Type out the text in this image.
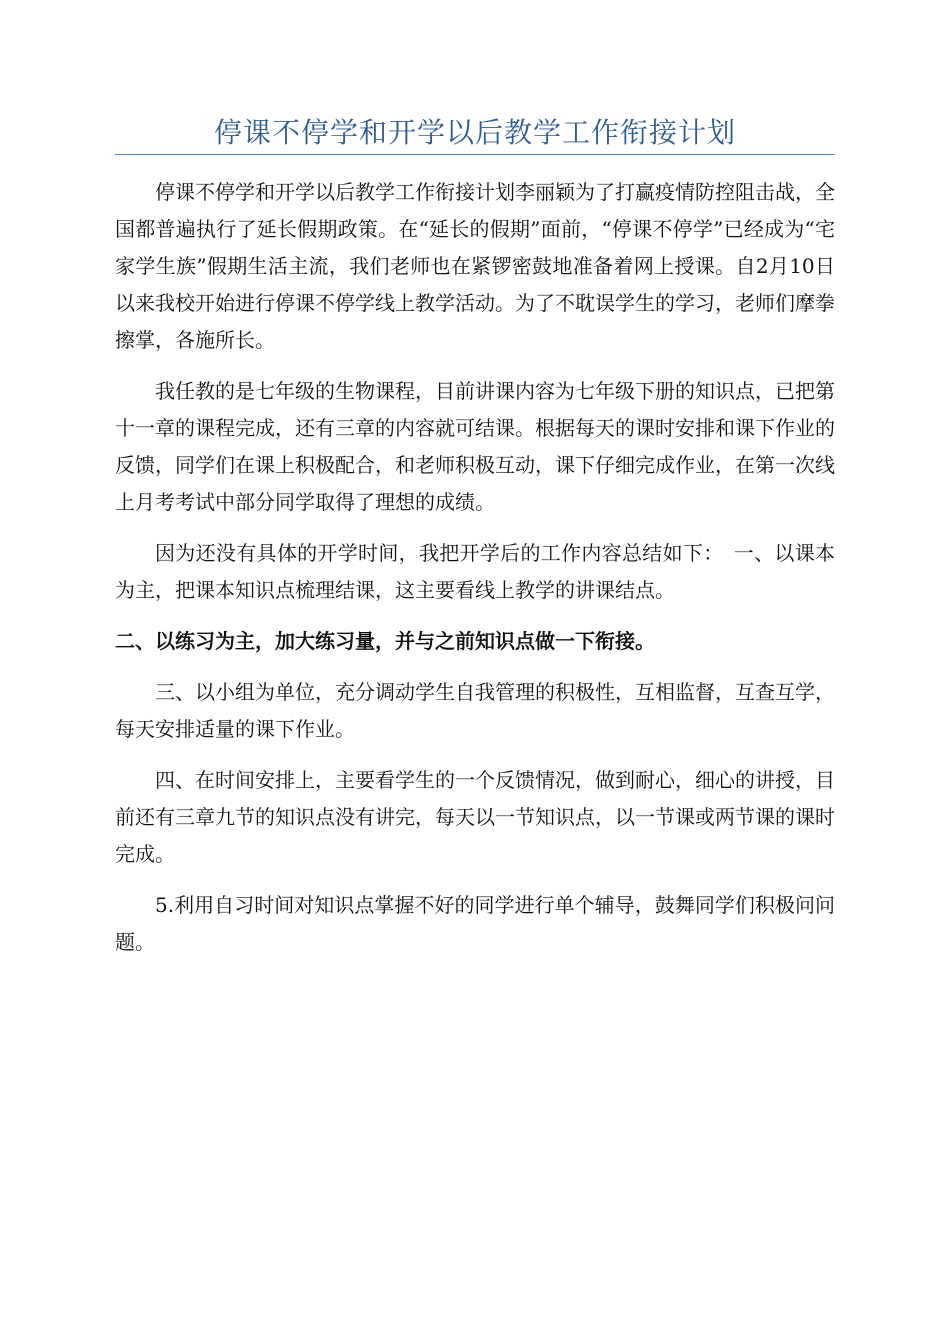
停课不停学和开学以后教学工作衔接计划

停课不停学和开学以后教学工作衔接计划李丽颖为了打赢疫情防控阻击战，全国都普遍执行了延长假期政策。在“延长的假期”面前，“停课不停学”已经成为“宅家学生族”假期生活主流，我们老师也在紧锣密鼓地准备着网上授课。自2月10日以来我校开始进行停课不停学线上教学活动。为了不耽误学生的学习，老师们摩拳擦掌，各施所长。

我任教的是七年级的生物课程，目前讲课内容为七年级下册的知识点，已把第十一章的课程完成，还有三章的内容就可结课。根据每天的课时安排和课下作业的反馈，同学们在课上积极配合，和老师积极互动，课下仔细完成作业，在第一次线上月考考试中部分同学取得了理想的成绩。

因为还没有具体的开学时间，我把开学后的工作内容总结如下：　一、以课本为主，把课本知识点梳理结课，这主要看线上教学的讲课结点。

二、以练习为主，加大练习量，并与之前知识点做一下衔接。

三、以小组为单位，充分调动学生自我管理的积极性，互相监督，互查互学，每天安排适量的课下作业。

四、在时间安排上，主要看学生的一个反馈情况，做到耐心，细心的讲授，目前还有三章九节的知识点没有讲完，每天以一节知识点，以一节课或两节课的课时完成。

5.利用自习时间对知识点掌握不好的同学进行单个辅导，鼓舞同学们积极问问题。
